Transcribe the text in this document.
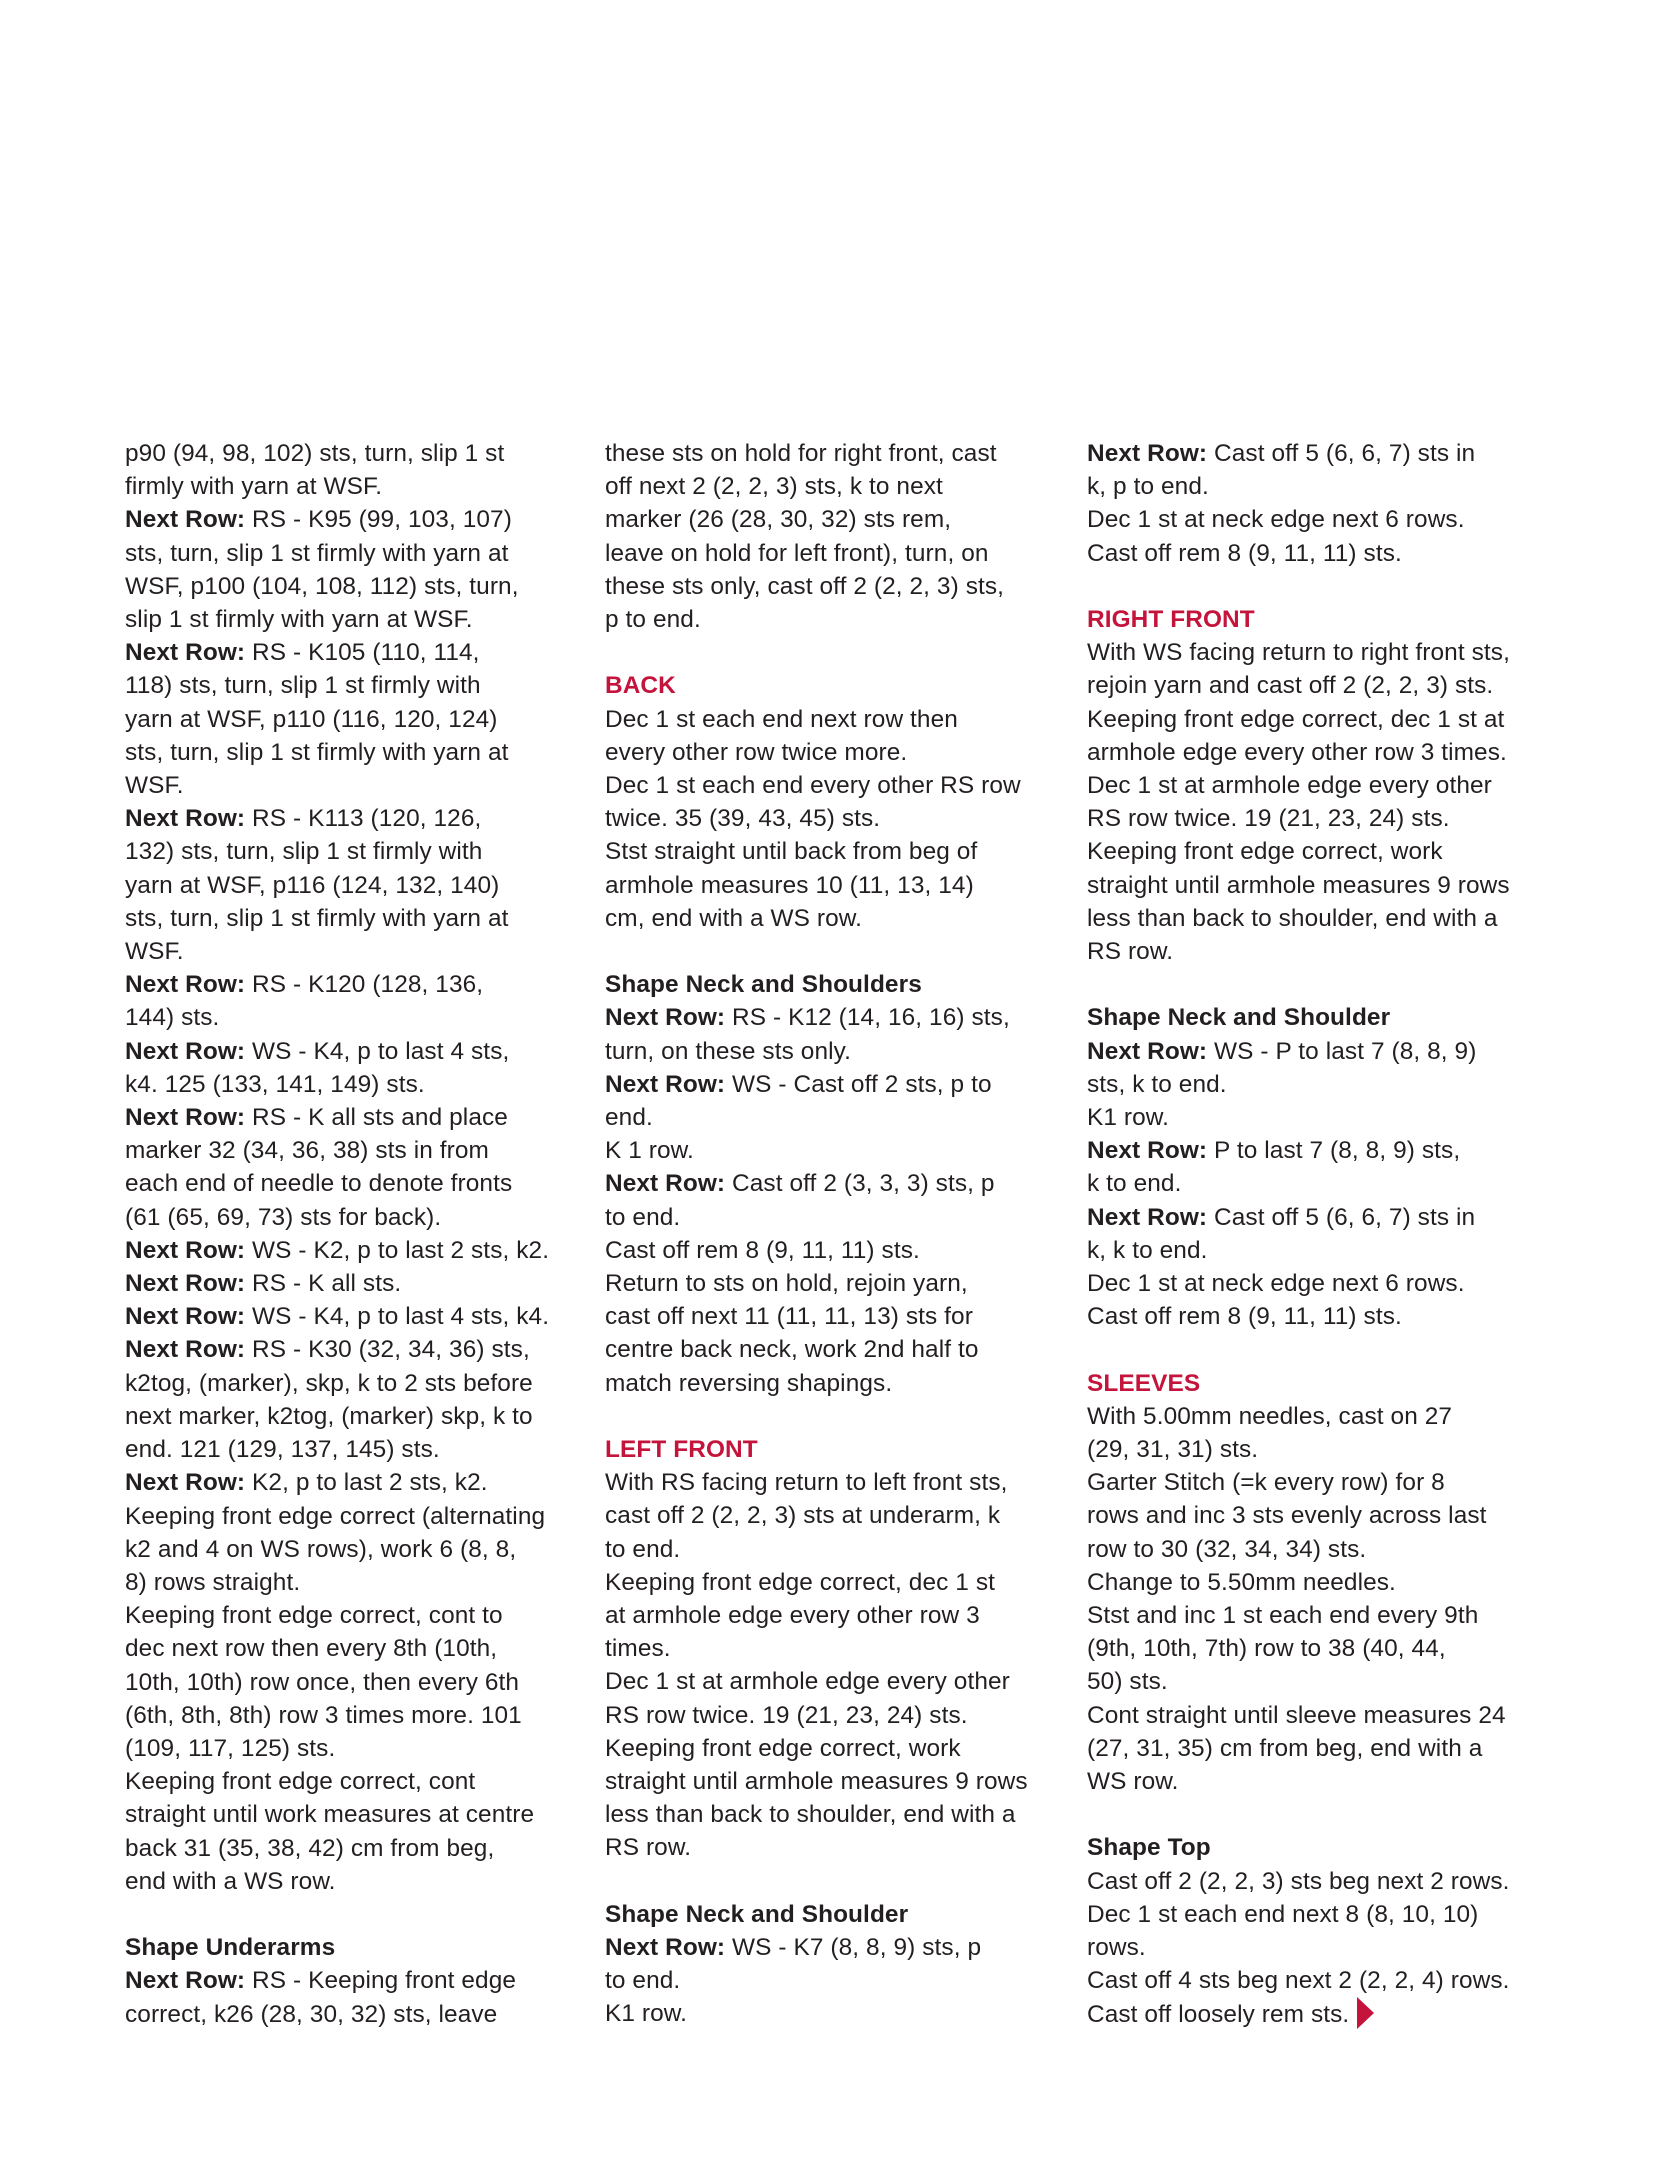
p90 (94, 98, 102) sts, turn, slip 1 st
firmly with yarn at WSF.
Next Row: RS - K95 (99, 103, 107)
sts, turn, slip 1 st firmly with yarn at
WSF, p100 (104, 108, 112) sts, turn,
slip 1 st firmly with yarn at WSF.
Next Row: RS - K105 (110, 114,
118) sts, turn, slip 1 st firmly with
yarn at WSF, p110 (116, 120, 124)
sts, turn, slip 1 st firmly with yarn at
WSF.
Next Row: RS - K113 (120, 126,
132) sts, turn, slip 1 st firmly with
yarn at WSF, p116 (124, 132, 140)
sts, turn, slip 1 st firmly with yarn at
WSF.
Next Row: RS - K120 (128, 136,
144) sts.
Next Row: WS - K4, p to last 4 sts,
k4. 125 (133, 141, 149) sts.
Next Row: RS - K all sts and place
marker 32 (34, 36, 38) sts in from
each end of needle to denote fronts
(61 (65, 69, 73) sts for back).
Next Row: WS - K2, p to last 2 sts, k2.
Next Row: RS - K all sts.
Next Row: WS - K4, p to last 4 sts, k4.
Next Row: RS - K30 (32, 34, 36) sts,
k2tog, (marker), skp, k to 2 sts before
next marker, k2tog, (marker) skp, k to
end. 121 (129, 137, 145) sts.
Next Row: K2, p to last 2 sts, k2.
Keeping front edge correct (alternating
k2 and 4 on WS rows), work 6 (8, 8,
8) rows straight.
Keeping front edge correct, cont to
dec next row then every 8th (10th,
10th, 10th) row once, then every 6th
(6th, 8th, 8th) row 3 times more. 101
(109, 117, 125) sts.
Keeping front edge correct, cont
straight until work measures at centre
back 31 (35, 38, 42) cm from beg,
end with a WS row.
Shape Underarms
Next Row: RS - Keeping front edge
correct, k26 (28, 30, 32) sts, leave
these sts on hold for right front, cast
off next 2 (2, 2, 3) sts, k to next
marker (26 (28, 30, 32) sts rem,
leave on hold for left front), turn, on
these sts only, cast off 2 (2, 2, 3) sts,
p to end.
BACK
Dec 1 st each end next row then
every other row twice more.
Dec 1 st each end every other RS row
twice. 35 (39, 43, 45) sts.
Stst straight until back from beg of
armhole measures 10 (11, 13, 14)
cm, end with a WS row.
Shape Neck and Shoulders
Next Row: RS - K12 (14, 16, 16) sts,
turn, on these sts only.
Next Row: WS - Cast off 2 sts, p to
end.
K 1 row.
Next Row: Cast off 2 (3, 3, 3) sts, p
to end.
Cast off rem 8 (9, 11, 11) sts.
Return to sts on hold, rejoin yarn,
cast off next 11 (11, 11, 13) sts for
centre back neck, work 2nd half to
match reversing shapings.
LEFT FRONT
With RS facing return to left front sts,
cast off 2 (2, 2, 3) sts at underarm, k
to end.
Keeping front edge correct, dec 1 st
at armhole edge every other row 3
times.
Dec 1 st at armhole edge every other
RS row twice. 19 (21, 23, 24) sts.
Keeping front edge correct, work
straight until armhole measures 9 rows
less than back to shoulder, end with a
RS row.
Shape Neck and Shoulder
Next Row: WS - K7 (8, 8, 9) sts, p
to end.
K1 row.
Next Row: Cast off 5 (6, 6, 7) sts in
k, p to end.
Dec 1 st at neck edge next 6 rows.
Cast off rem 8 (9, 11, 11) sts.
RIGHT FRONT
With WS facing return to right front sts,
rejoin yarn and cast off 2 (2, 2, 3) sts.
Keeping front edge correct, dec 1 st at
armhole edge every other row 3 times.
Dec 1 st at armhole edge every other
RS row twice. 19 (21, 23, 24) sts.
Keeping front edge correct, work
straight until armhole measures 9 rows
less than back to shoulder, end with a
RS row.
Shape Neck and Shoulder
Next Row: WS - P to last 7 (8, 8, 9)
sts, k to end.
K1 row.
Next Row: P to last 7 (8, 8, 9) sts,
k to end.
Next Row: Cast off 5 (6, 6, 7) sts in
k, k to end.
Dec 1 st at neck edge next 6 rows.
Cast off rem 8 (9, 11, 11) sts.
SLEEVES
With 5.00mm needles, cast on 27
(29, 31, 31) sts.
Garter Stitch (=k every row) for 8
rows and inc 3 sts evenly across last
row to 30 (32, 34, 34) sts.
Change to 5.50mm needles.
Stst and inc 1 st each end every 9th
(9th, 10th, 7th) row to 38 (40, 44,
50) sts.
Cont straight until sleeve measures 24
(27, 31, 35) cm from beg, end with a
WS row.
Shape Top
Cast off 2 (2, 2, 3) sts beg next 2 rows.
Dec 1 st each end next 8 (8, 10, 10)
rows.
Cast off 4 sts beg next 2 (2, 2, 4) rows.
Cast off loosely rem sts.
